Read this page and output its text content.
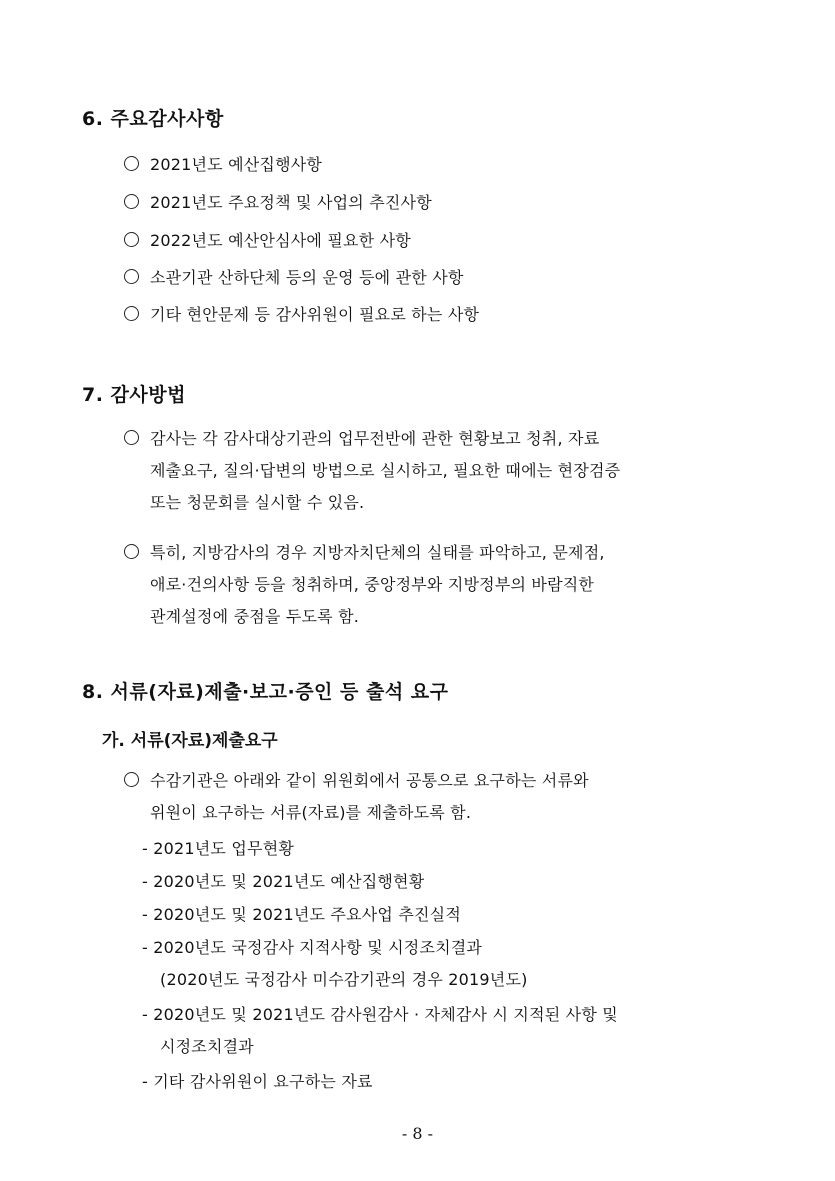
6. 주요감사사항
2021년도 예산집행사항
2021년도 주요정책 및 사업의 추진사항
2022년도 예산안심사에 필요한 사항
소관기관 산하단체 등의 운영 등에 관한 사항
기타 현안문제 등 감사위원이 필요로 하는 사항
7. 감사방법
감사는 각 감사대상기관의 업무전반에 관한 현황보고 청취, 자료
제출요구, 질의·답변의 방법으로 실시하고, 필요한 때에는 현장검증
또는 청문회를 실시할 수 있음.
특히, 지방감사의 경우 지방자치단체의 실태를 파악하고, 문제점,
애로·건의사항 등을 청취하며, 중앙정부와 지방정부의 바람직한
관계설정에 중점을 두도록 함.
8. 서류(자료)제출·보고·증인 등 출석 요구
가. 서류(자료)제출요구
수감기관은 아래와 같이 위원회에서 공통으로 요구하는 서류와
위원이 요구하는 서류(자료)를 제출하도록 함.
- 2021년도 업무현황
- 2020년도 및 2021년도 예산집행현황
- 2020년도 및 2021년도 주요사업 추진실적
- 2020년도 국정감사 지적사항 및 시정조치결과
(2020년도 국정감사 미수감기관의 경우 2019년도)
- 2020년도 및 2021년도 감사원감사 · 자체감사 시 지적된 사항 및
시정조치결과
- 기타 감사위원이 요구하는 자료
- 8 -
